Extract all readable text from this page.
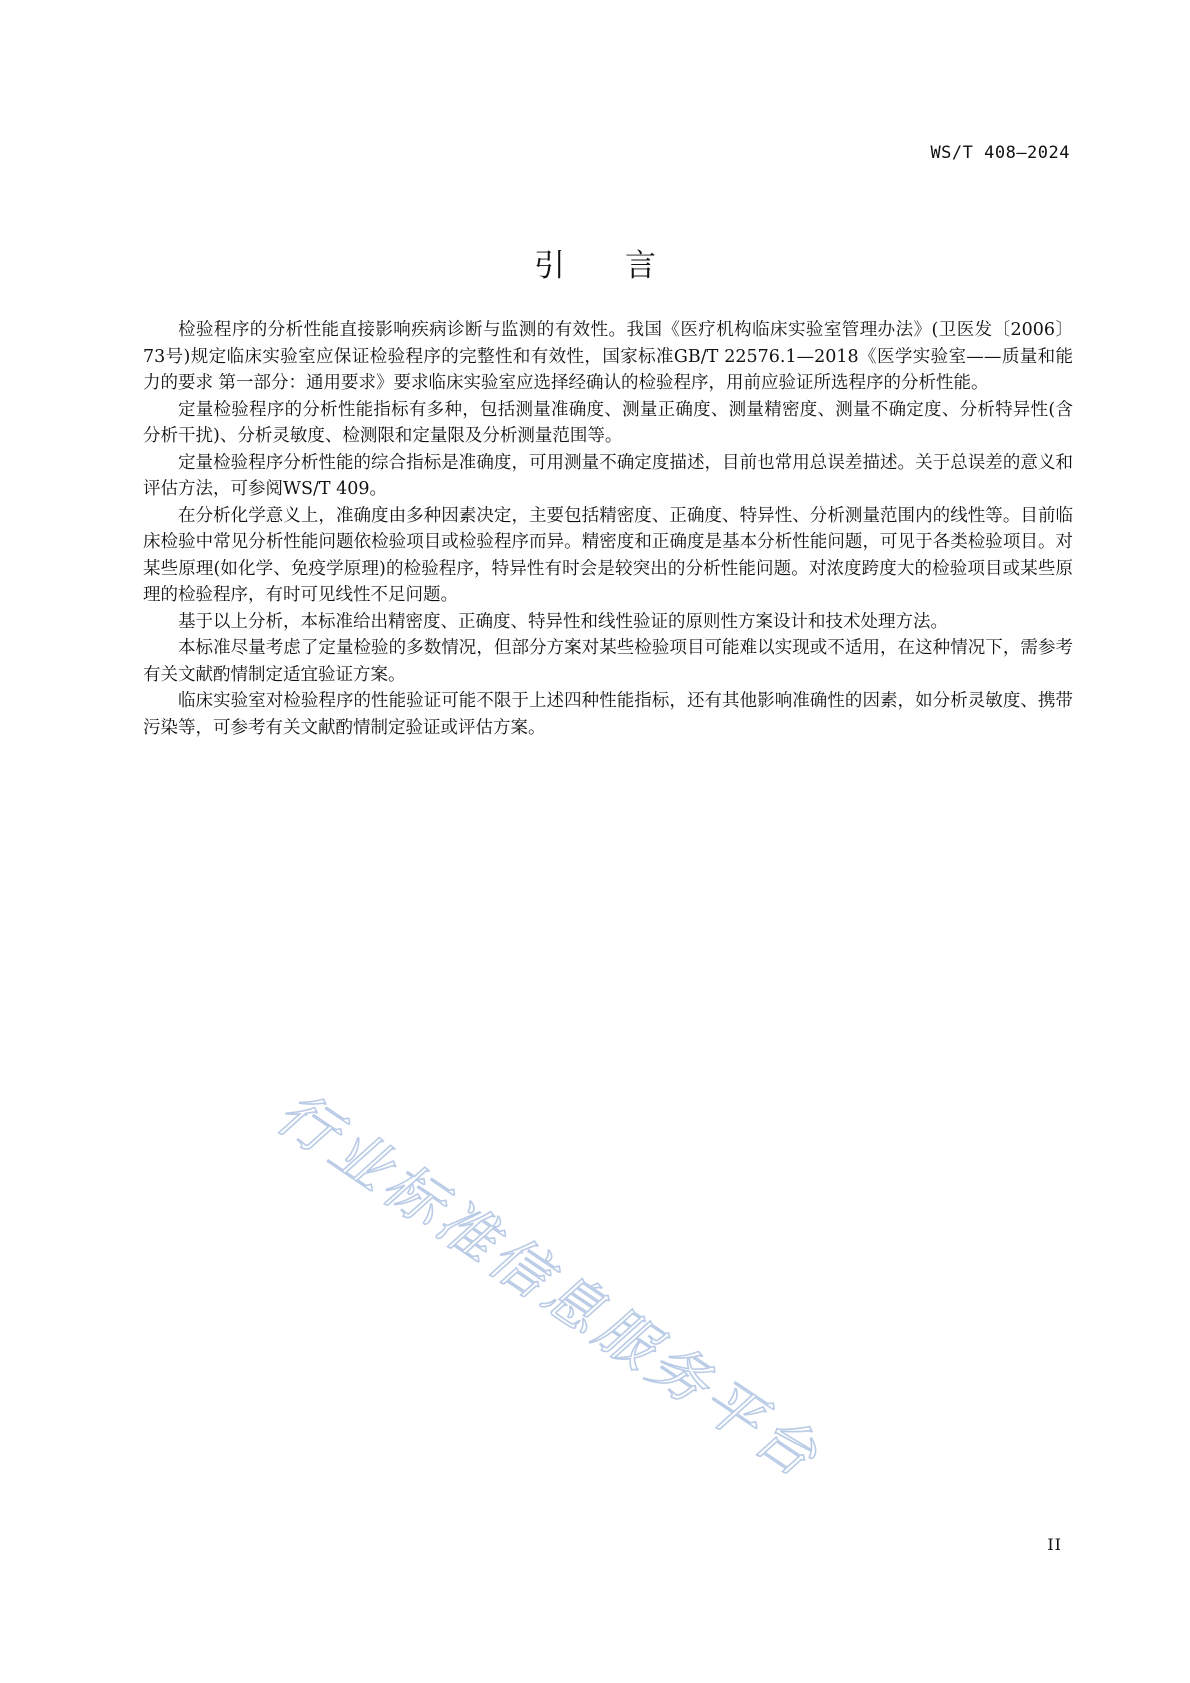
WS/T 408—2024
引言

检验程序的分析性能直接影响疾病诊断与监测的有效性。我国《医疗机构临床实验室管理办法》(卫医发〔2006〕73号)规定临床实验室应保证检验程序的完整性和有效性，国家标准GB/T 22576.1—2018《医学实验室——质量和能力的要求 第一部分：通用要求》要求临床实验室应选择经确认的检验程序，用前应验证所选程序的分析性能。

定量检验程序的分析性能指标有多种，包括测量准确度、测量正确度、测量精密度、测量不确定度、分析特异性(含分析干扰)、分析灵敏度、检测限和定量限及分析测量范围等。

定量检验程序分析性能的综合指标是准确度，可用测量不确定度描述，目前也常用总误差描述。关于总误差的意义和评估方法，可参阅WS/T 409。

在分析化学意义上，准确度由多种因素决定，主要包括精密度、正确度、特异性、分析测量范围内的线性等。目前临床检验中常见分析性能问题依检验项目或检验程序而异。精密度和正确度是基本分析性能问题，可见于各类检验项目。对某些原理(如化学、免疫学原理)的检验程序，特异性有时会是较突出的分析性能问题。对浓度跨度大的检验项目或某些原理的检验程序，有时可见线性不足问题。

基于以上分析，本标准给出精密度、正确度、特异性和线性验证的原则性方案设计和技术处理方法。

本标准尽量考虑了定量检验的多数情况，但部分方案对某些检验项目可能难以实现或不适用，在这种情况下，需参考有关文献酌情制定适宜验证方案。

临床实验室对检验程序的性能验证可能不限于上述四种性能指标，还有其他影响准确性的因素，如分析灵敏度、携带污染等，可参考有关文献酌情制定验证或评估方案。

行业标准信息服务平台
II
